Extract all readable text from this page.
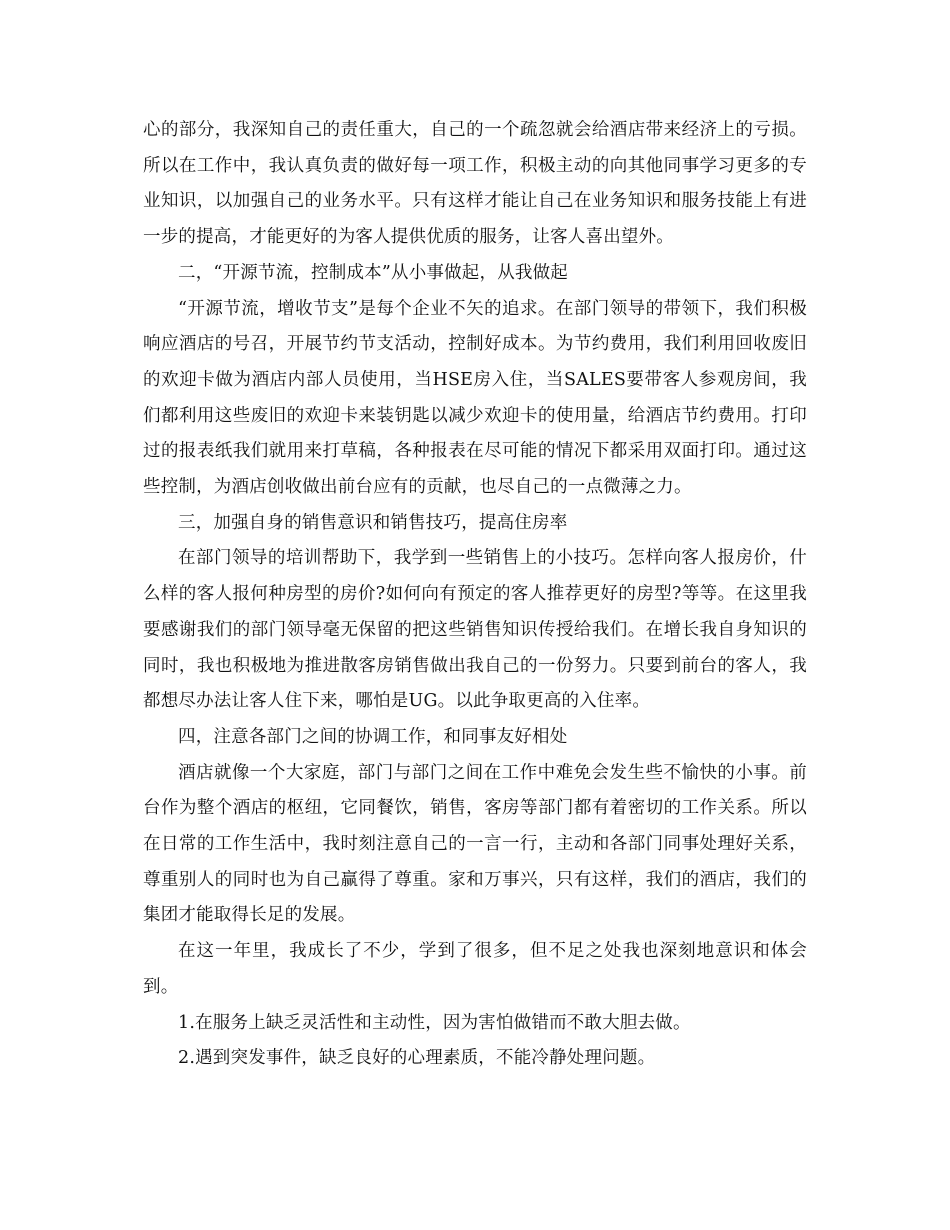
心的部分，我深知自己的责任重大，自己的一个疏忽就会给酒店带来经济上的亏损。所以在工作中，我认真负责的做好每一项工作，积极主动的向其他同事学习更多的专业知识，以加强自己的业务水平。只有这样才能让自己在业务知识和服务技能上有进一步的提高，才能更好的为客人提供优质的服务，让客人喜出望外。

二，“开源节流，控制成本”从小事做起，从我做起

“开源节流，增收节支”是每个企业不矢的追求。在部门领导的带领下，我们积极响应酒店的号召，开展节约节支活动，控制好成本。为节约费用，我们利用回收废旧的欢迎卡做为酒店内部人员使用，当HSE房入住，当SALES要带客人参观房间，我们都利用这些废旧的欢迎卡来装钥匙以减少欢迎卡的使用量，给酒店节约费用。打印过的报表纸我们就用来打草稿，各种报表在尽可能的情况下都采用双面打印。通过这些控制，为酒店创收做出前台应有的贡献，也尽自己的一点微薄之力。

三，加强自身的销售意识和销售技巧，提高住房率

在部门领导的培训帮助下，我学到一些销售上的小技巧。怎样向客人报房价，什么样的客人报何种房型的房价?如何向有预定的客人推荐更好的房型?等等。在这里我要感谢我们的部门领导毫无保留的把这些销售知识传授给我们。在增长我自身知识的同时，我也积极地为推进散客房销售做出我自己的一份努力。只要到前台的客人，我都想尽办法让客人住下来，哪怕是UG。以此争取更高的入住率。

四，注意各部门之间的协调工作，和同事友好相处

酒店就像一个大家庭，部门与部门之间在工作中难免会发生些不愉快的小事。前台作为整个酒店的枢纽，它同餐饮，销售，客房等部门都有着密切的工作关系。所以在日常的工作生活中，我时刻注意自己的一言一行，主动和各部门同事处理好关系，尊重别人的同时也为自己赢得了尊重。家和万事兴，只有这样，我们的酒店，我们的集团才能取得长足的发展。

在这一年里，我成长了不少，学到了很多，但不足之处我也深刻地意识和体会到。

1.在服务上缺乏灵活性和主动性，因为害怕做错而不敢大胆去做。

2.遇到突发事件，缺乏良好的心理素质，不能冷静处理问题。
